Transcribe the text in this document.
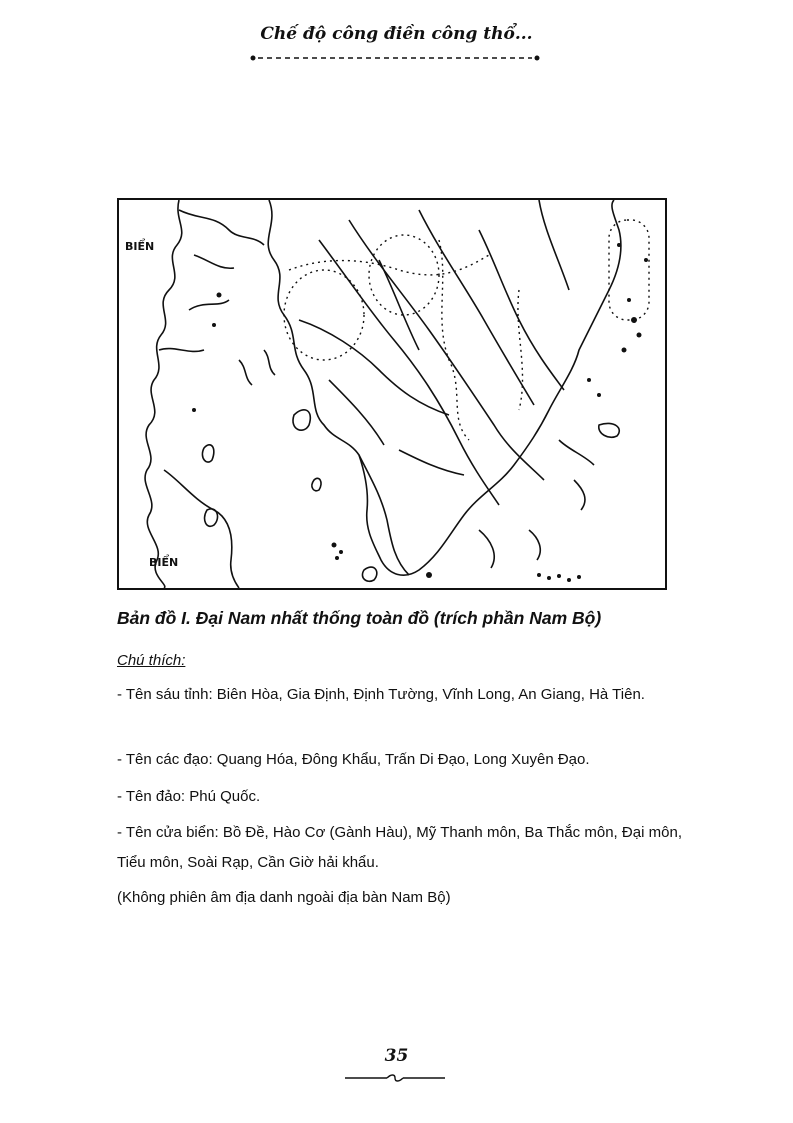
Chế độ công điền công thổ...
BIỂN
BIỂN
Bản đồ I. Đại Nam nhất thống toàn đồ (trích phần Nam Bộ)
Chú thích:

- Tên sáu tỉnh: Biên Hòa, Gia Định, Định Tường, Vĩnh Long, An Giang, Hà Tiên.

- Tên các đạo: Quang Hóa, Đông Khẩu, Trấn Di Đạo, Long Xuyên Đạo.

- Tên đảo: Phú Quốc.

- Tên cửa biển: Bồ Đề, Hào Cơ (Gành Hàu), Mỹ Thanh môn, Ba Thắc môn, Đại môn, Tiểu môn, Soài Rạp, Cần Giờ hải khẩu.

(Không phiên âm địa danh ngoài địa bàn Nam Bộ)

35
